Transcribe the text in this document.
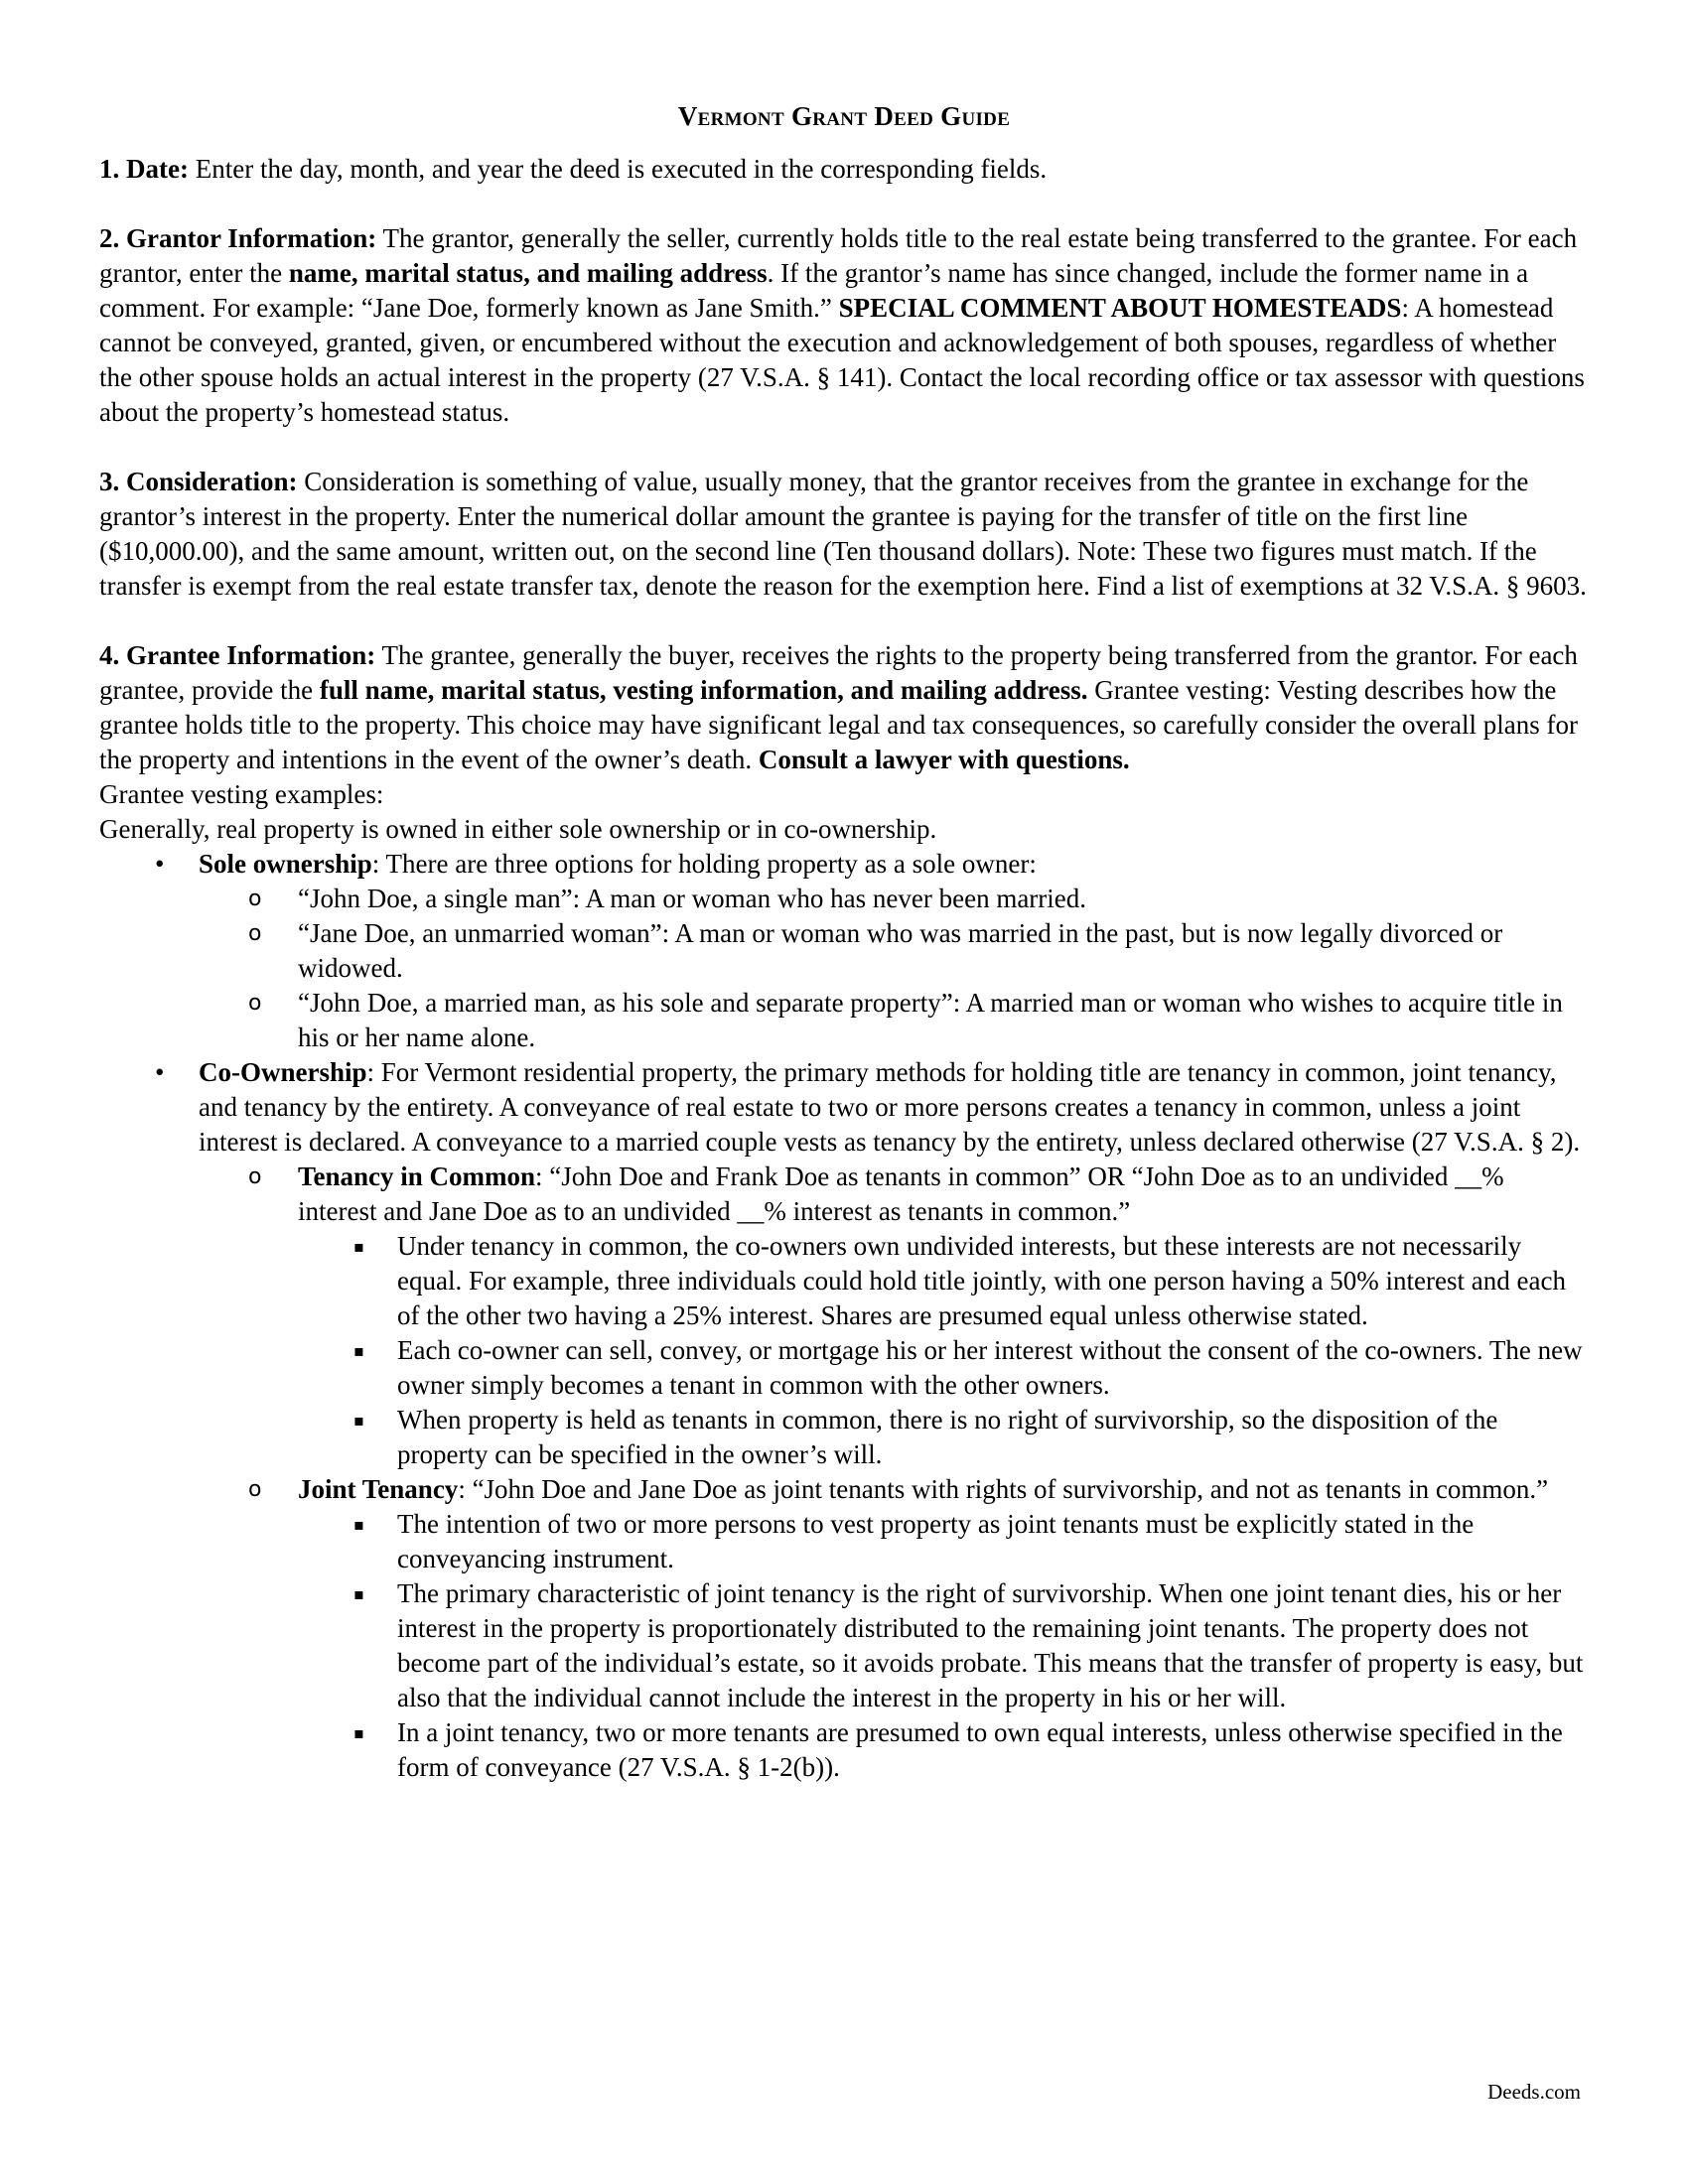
Vermont Grant Deed Guide

1. Date: Enter the day, month, and year the deed is executed in the corresponding fields.

2. Grantor Information: The grantor, generally the seller, currently holds title to the real estate being transferred to the grantee. For each grantor, enter the name, marital status, and mailing address. If the grantor’s name has since changed, include the former name in a comment. For example: “Jane Doe, formerly known as Jane Smith.” SPECIAL COMMENT ABOUT HOMESTEADS: A homestead cannot be conveyed, granted, given, or encumbered without the execution and acknowledgement of both spouses, regardless of whether the other spouse holds an actual interest in the property (27 V.S.A. § 141). Contact the local recording office or tax assessor with questions about the property’s homestead status.

3. Consideration: Consideration is something of value, usually money, that the grantor receives from the grantee in exchange for the grantor’s interest in the property. Enter the numerical dollar amount the grantee is paying for the transfer of title on the first line ($10,000.00), and the same amount, written out, on the second line (Ten thousand dollars). Note: These two figures must match. If the transfer is exempt from the real estate transfer tax, denote the reason for the exemption here. Find a list of exemptions at 32 V.S.A. § 9603.

4. Grantee Information: The grantee, generally the buyer, receives the rights to the property being transferred from the grantor. For each grantee, provide the full name, marital status, vesting information, and mailing address. Grantee vesting: Vesting describes how the grantee holds title to the property. This choice may have significant legal and tax consequences, so carefully consider the overall plans for the property and intentions in the event of the owner’s death. Consult a lawyer with questions.

Grantee vesting examples:

Generally, real property is owned in either sole ownership or in co-ownership.

• Sole ownership: There are three options for holding property as a sole owner:
o “John Doe, a single man”: A man or woman who has never been married.
o “Jane Doe, an unmarried woman”: A man or woman who was married in the past, but is now legally divorced or widowed.
o “John Doe, a married man, as his sole and separate property”: A married man or woman who wishes to acquire title in his or her name alone.
• Co-Ownership: For Vermont residential property, the primary methods for holding title are tenancy in common, joint tenancy, and tenancy by the entirety. A conveyance of real estate to two or more persons creates a tenancy in common, unless a joint interest is declared. A conveyance to a married couple vests as tenancy by the entirety, unless declared otherwise (27 V.S.A. § 2).
o Tenancy in Common: “John Doe and Frank Doe as tenants in common” OR “John Doe as to an undivided __% interest and Jane Doe as to an undivided __% interest as tenants in common.”
▪ Under tenancy in common, the co-owners own undivided interests, but these interests are not necessarily equal. For example, three individuals could hold title jointly, with one person having a 50% interest and each of the other two having a 25% interest. Shares are presumed equal unless otherwise stated.
▪ Each co-owner can sell, convey, or mortgage his or her interest without the consent of the co-owners. The new owner simply becomes a tenant in common with the other owners.
▪ When property is held as tenants in common, there is no right of survivorship, so the disposition of the property can be specified in the owner’s will.
o Joint Tenancy: “John Doe and Jane Doe as joint tenants with rights of survivorship, and not as tenants in common.”
▪ The intention of two or more persons to vest property as joint tenants must be explicitly stated in the conveyancing instrument.
▪ The primary characteristic of joint tenancy is the right of survivorship. When one joint tenant dies, his or her interest in the property is proportionately distributed to the remaining joint tenants. The property does not become part of the individual’s estate, so it avoids probate. This means that the transfer of property is easy, but also that the individual cannot include the interest in the property in his or her will.
▪ In a joint tenancy, two or more tenants are presumed to own equal interests, unless otherwise specified in the form of conveyance (27 V.S.A. § 1-2(b)).
Deeds.com
